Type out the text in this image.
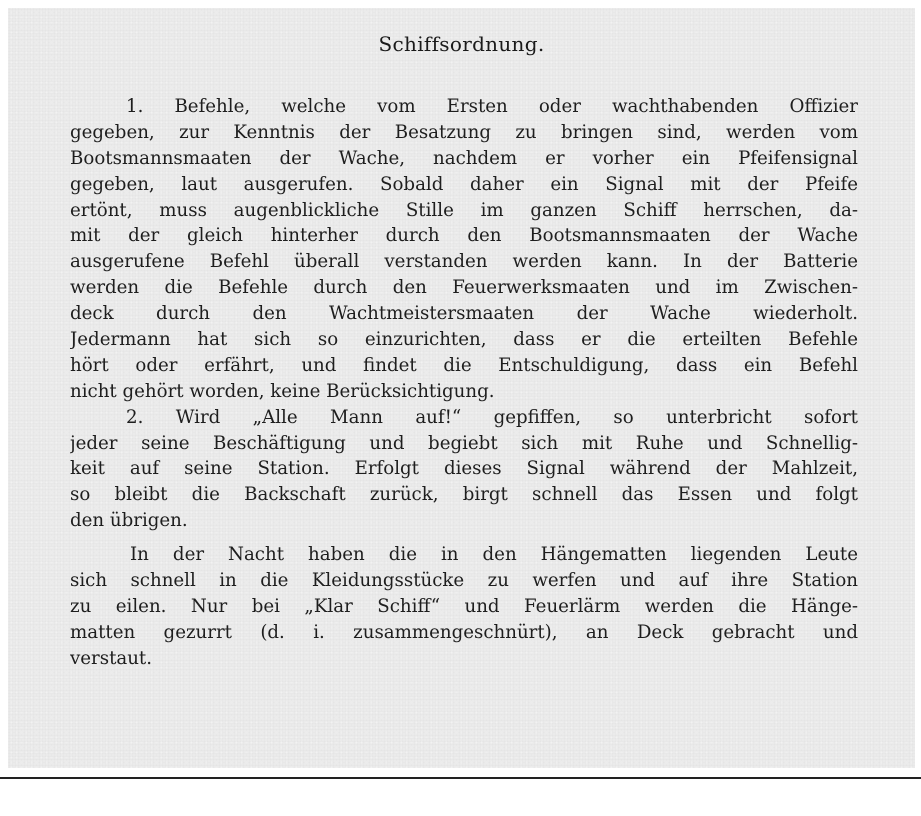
Schiffsordnung.
1. Befehle, welche vom Ersten oder wachthabenden Offizier
gegeben, zur Kenntnis der Besatzung zu bringen sind, werden vom
Bootsmannsmaaten der Wache, nachdem er vorher ein Pfeifensignal
gegeben, laut ausgerufen. Sobald daher ein Signal mit der Pfeife
ertönt, muss augenblickliche Stille im ganzen Schiff herrschen, da-
mit der gleich hinterher durch den Bootsmannsmaaten der Wache
ausgerufene Befehl überall verstanden werden kann. In der Batterie
werden die Befehle durch den Feuerwerksmaaten und im Zwischen-
deck durch den Wachtmeistersmaaten der Wache wiederholt.
Jedermann hat sich so einzurichten, dass er die erteilten Befehle
hört oder erfährt, und findet die Entschuldigung, dass ein Befehl
nicht gehört worden, keine Berücksichtigung.
2. Wird „Alle Mann auf!“ gepfiffen, so unterbricht sofort
jeder seine Beschäftigung und begiebt sich mit Ruhe und Schnellig-
keit auf seine Station. Erfolgt dieses Signal während der Mahlzeit,
so bleibt die Backschaft zurück, birgt schnell das Essen und folgt
den übrigen.
In der Nacht haben die in den Hängematten liegenden Leute
sich schnell in die Kleidungsstücke zu werfen und auf ihre Station
zu eilen. Nur bei „Klar Schiff“ und Feuerlärm werden die Hänge-
matten gezurrt (d. i. zusammengeschnürt), an Deck gebracht und
verstaut.
